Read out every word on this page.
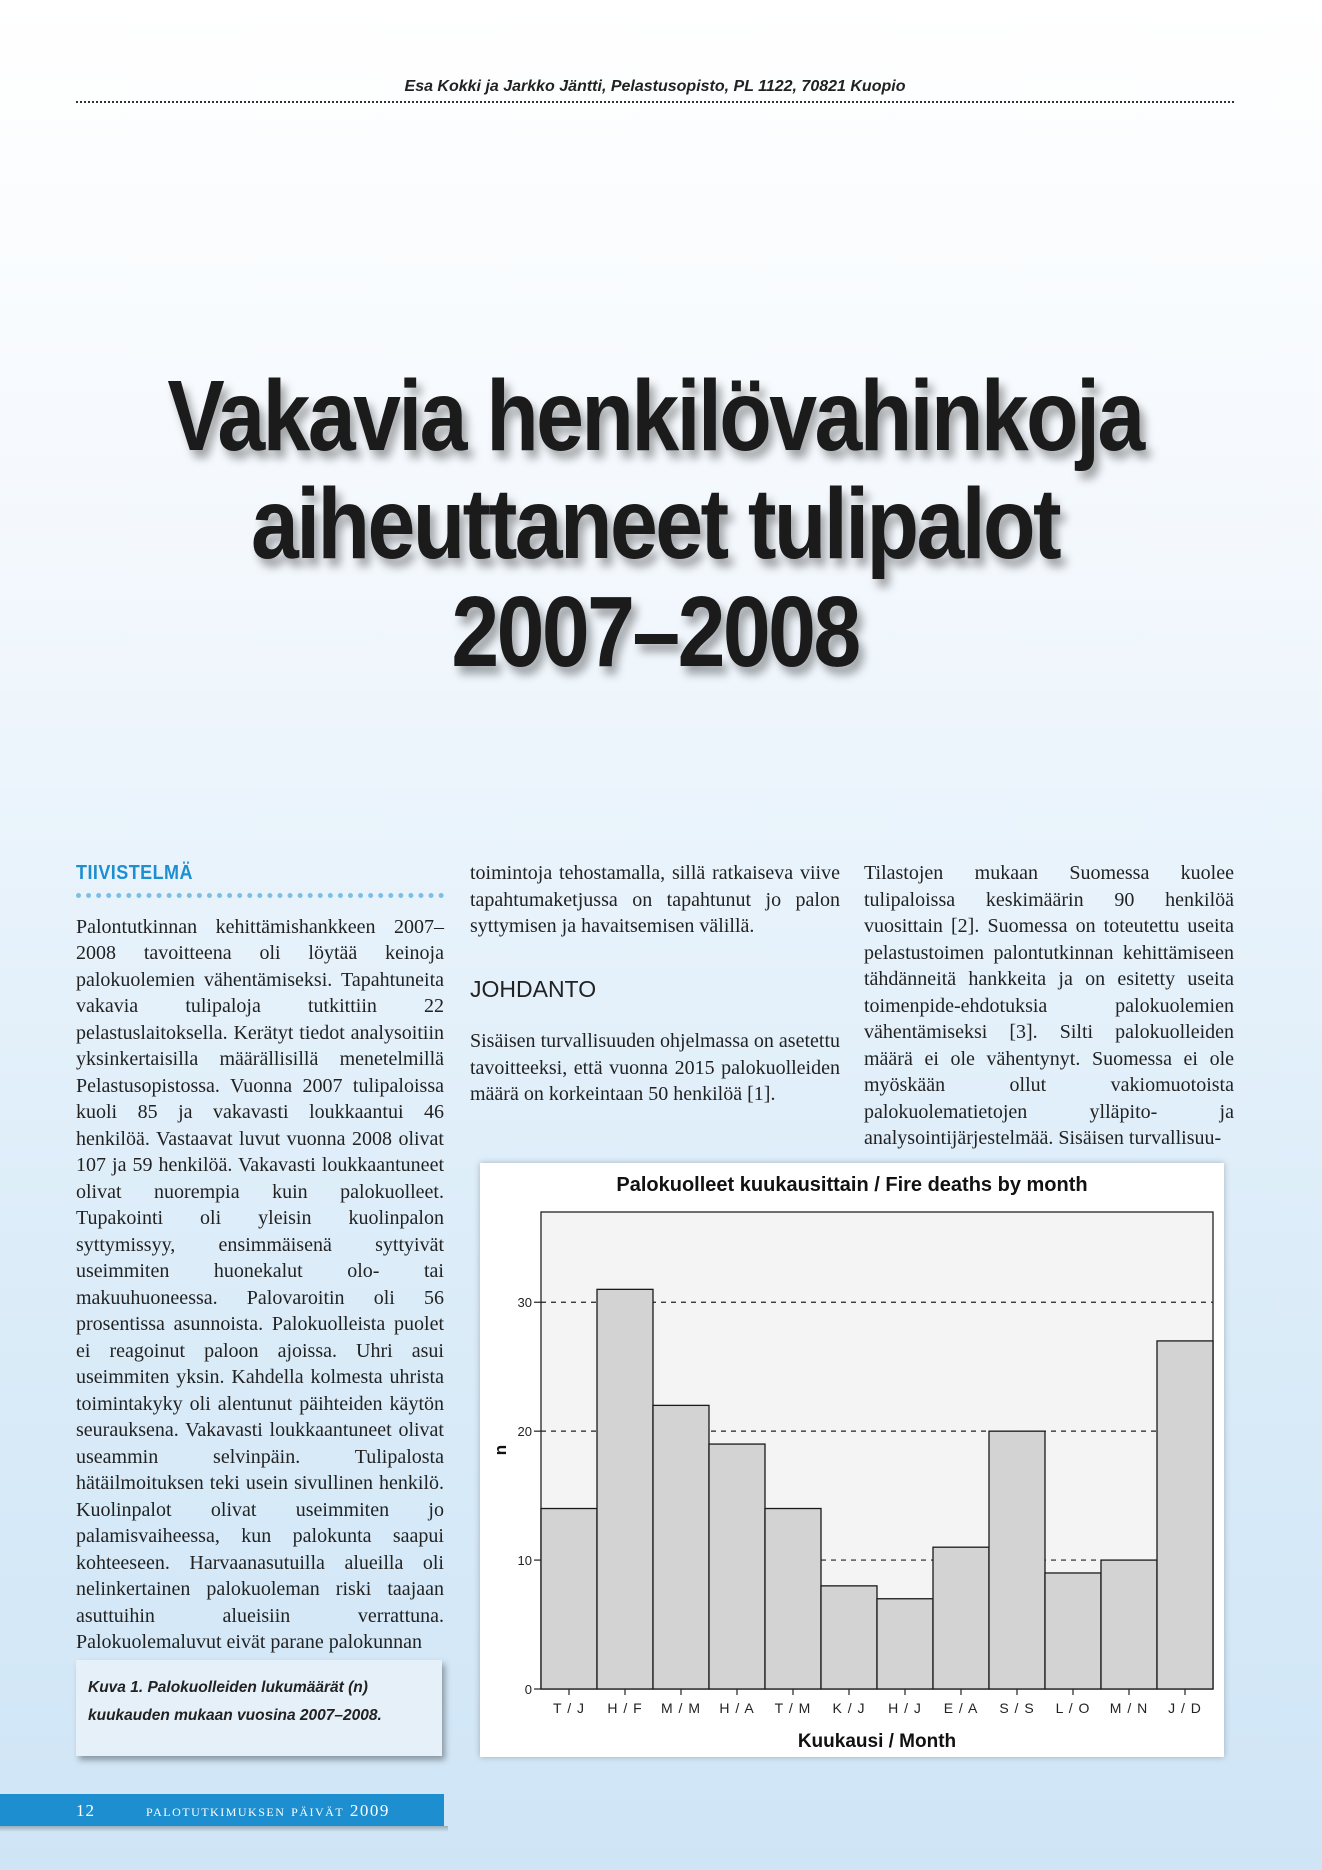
Esa Kokki ja Jarkko Jäntti, Pelastusopisto, PL 1122, 70821 Kuopio
Vakavia henkilövahinkoja
aiheuttaneet tulipalot
2007–2008
TIIVISTELMÄ

Palontutkinnan kehittämishankkeen 2007–2008 tavoitteena oli löytää keinoja palokuolemien vähentämiseksi. Tapahtuneita vakavia tulipaloja tutkittiin 22 pelastuslaitoksella. Kerätyt tiedot analysoitiin yksinkertaisilla määrällisillä menetelmillä Pelastusopistossa. Vuonna 2007 tulipaloissa kuoli 85 ja vakavasti loukkaantui 46 henkilöä. Vastaavat luvut vuonna 2008 olivat 107 ja 59 henkilöä. Vakavasti loukkaantuneet olivat nuorempia kuin palokuolleet. Tupakointi oli yleisin kuolinpalon syttymissyy, ensimmäisenä syttyivät useimmiten huonekalut olo- tai makuuhuoneessa. Palovaroitin oli 56 prosentissa asunnoista. Palokuolleista puolet ei reagoinut paloon ajoissa. Uhri asui useimmiten yksin. Kahdella kolmesta uhrista toimintakyky oli alentunut päihteiden käytön seurauksena. Vakavasti loukkaantuneet olivat useammin selvinpäin. Tulipalosta hätäilmoituksen teki usein sivullinen henkilö. Kuolinpalot olivat useimmiten jo palamisvaiheessa, kun palokunta saapui kohteeseen. Harvaanasutuilla alueilla oli nelinkertainen palokuoleman riski taajaan asuttuihin alueisiin verrattuna. Palokuolemaluvut eivät parane palokunnan

toimintoja tehostamalla, sillä ratkaiseva viive tapahtumaketjussa on tapahtunut jo palon syttymisen ja havaitsemisen välillä.

JOHDANTO

Sisäisen turvallisuuden ohjelmassa on asetettu tavoitteeksi, että vuonna 2015 palokuolleiden määrä on korkeintaan 50 henkilöä [1].

Tilastojen mukaan Suomessa kuolee tulipaloissa keskimäärin 90 henkilöä vuosittain [2]. Suomessa on toteutettu useita pelastustoimen palontutkinnan kehittämiseen tähdänneitä hankkeita ja on esitetty useita toimenpide-ehdotuksia palokuolemien vähentämiseksi [3]. Silti palokuolleiden määrä ei ole vähentynyt. Suomessa ei ole myöskään ollut vakiomuotoista palokuolematietojen ylläpito- ja analysointijärjestelmää. Sisäisen turvallisuu-

Palokuolleet kuukausittain / Fire deaths by month
0
10
20
30
T / J H / F M / M H / A T / M K / J H / J E / A S / S L / O M / N J / D
Kuukausi / Month
n
Kuva 1. Palokuolleiden lukumäärät (n) kuukauden mukaan vuosina 2007–2008.
12	palotutkimuksen päivät 2009
